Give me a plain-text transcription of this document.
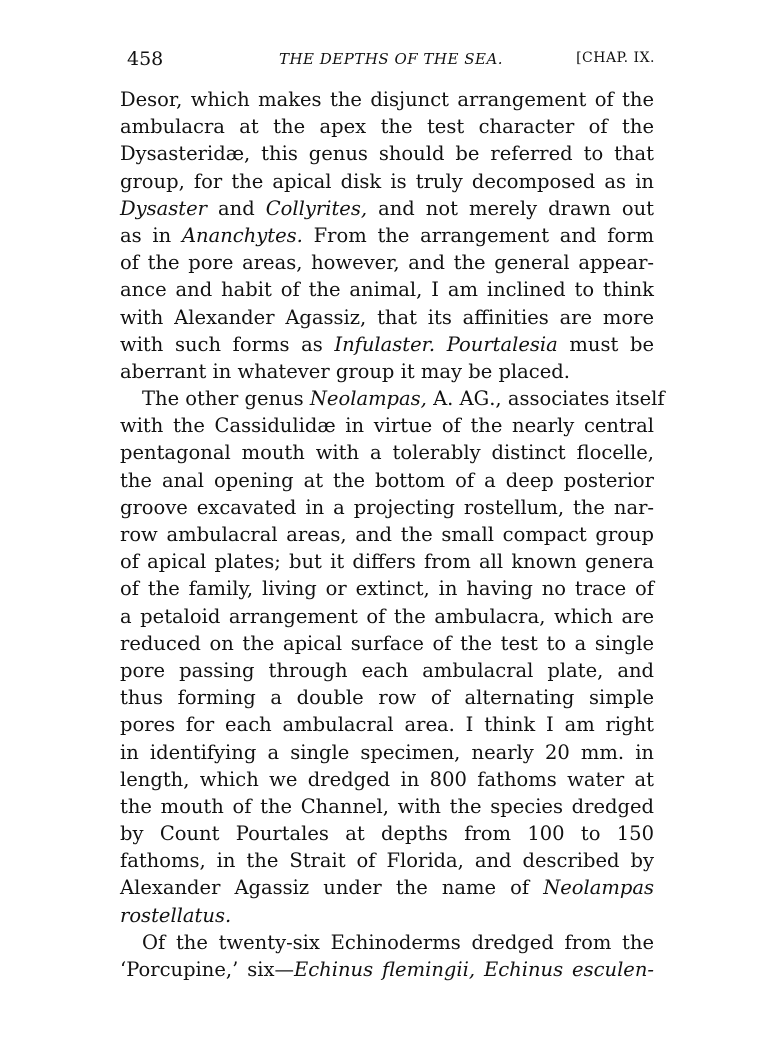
458	THE DEPTHS OF THE SEA.	[CHAP. IX.
Desor, which makes the disjunct arrangement of the
ambulacra at the apex the test character of the
Dysasteridæ, this genus should be referred to that
group, for the apical disk is truly decomposed as in
Dysaster and Collyrites, and not merely drawn out
as in Ananchytes. From the arrangement and form
of the pore areas, however, and the general appear-
ance and habit of the animal, I am inclined to think
with Alexander Agassiz, that its affinities are more
with such forms as Infulaster. Pourtalesia must be
aberrant in whatever group it may be placed.
The other genus Neolampas, A. AG., associates itself
with the Cassidulidæ in virtue of the nearly central
pentagonal mouth with a tolerably distinct flocelle,
the anal opening at the bottom of a deep posterior
groove excavated in a projecting rostellum, the nar-
row ambulacral areas, and the small compact group
of apical plates; but it differs from all known genera
of the family, living or extinct, in having no trace of
a petaloid arrangement of the ambulacra, which are
reduced on the apical surface of the test to a single
pore passing through each ambulacral plate, and
thus forming a double row of alternating simple
pores for each ambulacral area. I think I am right
in identifying a single specimen, nearly 20 mm. in
length, which we dredged in 800 fathoms water at
the mouth of the Channel, with the species dredged
by Count Pourtales at depths from 100 to 150
fathoms, in the Strait of Florida, and described by
Alexander Agassiz under the name of Neolampas
rostellatus.
Of the twenty-six Echinoderms dredged from the
‘Porcupine,’ six—Echinus flemingii, Echinus esculen-
